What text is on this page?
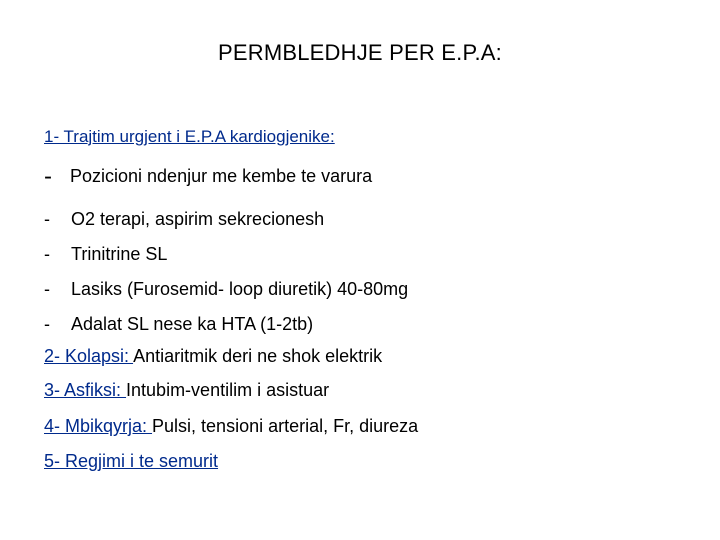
PERMBLEDHJE PER E.P.A:
1- Trajtim urgjent i E.P.A kardiogjenike:
- Pozicioni ndenjur me kembe te varura
- O2 terapi, aspirim sekrecionesh
- Trinitrine SL
- Lasiks (Furosemid- loop diuretik) 40-80mg
- Adalat SL nese ka HTA (1-2tb)
2- Kolapsi: Antiaritmik deri ne shok elektrik
3- Asfiksi: Intubim-ventilim i asistuar
4- Mbikqyrja: Pulsi, tensioni arterial, Fr, diureza
5- Regjimi i te semurit
